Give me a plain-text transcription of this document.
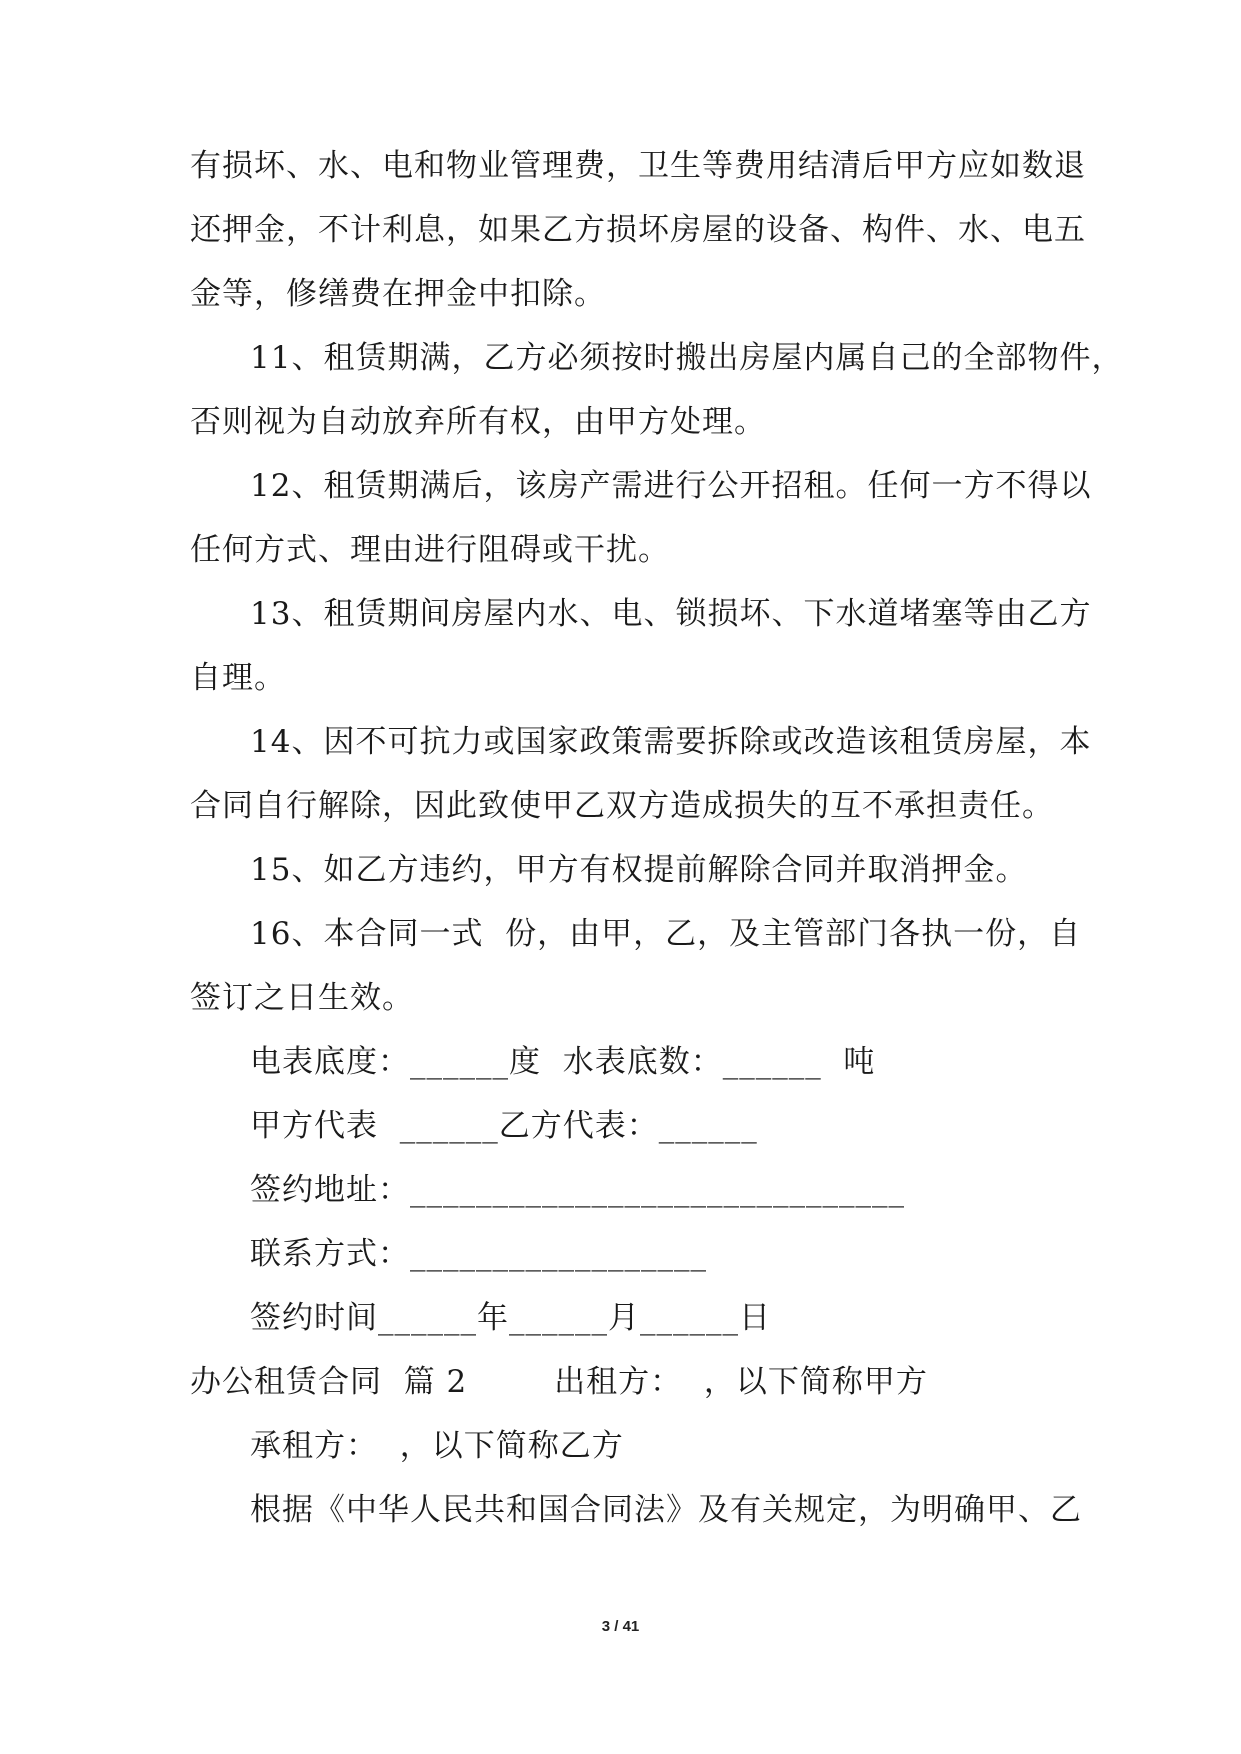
有损坏、水、电和物业管理费，卫生等费用结清后甲方应如数退
还押金，不计利息，如果乙方损坏房屋的设备、构件、水、电五
金等，修缮费在押金中扣除。
11、租赁期满，乙方必须按时搬出房屋内属自己的全部物件，
否则视为自动放弃所有权，由甲方处理。
12、租赁期满后，该房产需进行公开招租。任何一方不得以
任何方式、理由进行阻碍或干扰。
13、租赁期间房屋内水、电、锁损坏、下水道堵塞等由乙方
自理。
14、因不可抗力或国家政策需要拆除或改造该租赁房屋，本
合同自行解除，因此致使甲乙双方造成损失的互不承担责任。
15、如乙方违约，甲方有权提前解除合同并取消押金。
16、本合同一式  份，由甲，乙，及主管部门各执一份，自
签订之日生效。
电表底度：______度  水表底数：______  吨
甲方代表  ______乙方代表：______
签约地址：______________________________
联系方式：__________________
签约时间______年______月______日
办公租赁合同  篇 2        出租方：  ，以下简称甲方
承租方：  ，以下简称乙方
根据《中华人民共和国合同法》及有关规定，为明确甲、乙
3 / 41
